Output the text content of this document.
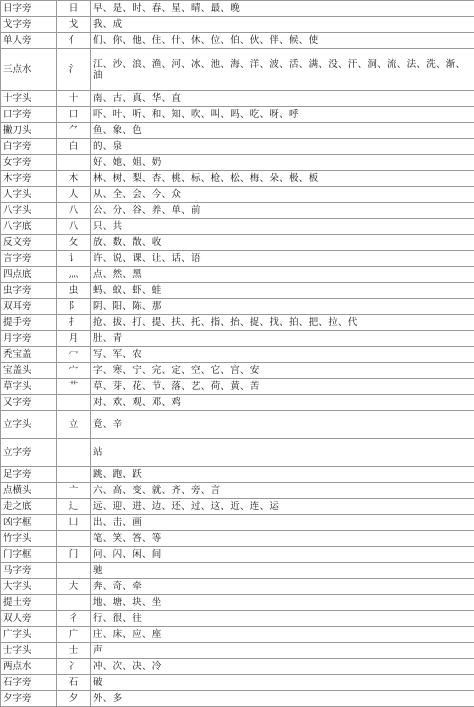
日字旁	日	早、是、时、春、星、晴、最、晚
戈字旁	戈	我、成
单人旁	亻	们、你、他、住、什、休、位、伯、伙、伴、候、使
三点水	氵	江、沙、浪、渔、河、冰、池、海、洋、波、活、满、没、汗、洞、流、法、洗、渐、油
十字头	十	南、古、真、华、直
口字旁	口	吓、叶、听、和、知、吹、叫、吗、吃、呀、呼
撇刀头	⺈	鱼、象、色
白字旁	白	的、泉
女字旁		好、她、姐、奶
木字旁	木	林、树、梨、杏、桃、标、枪、松、梅、朵、极、板
人字头	人	从、全、会、今、众
八字头	八	公、分、谷、养、单、前
八字底	八	只、共
反文旁	攵	放、数、散、收
言字旁	讠	许、说、课、让、话、语
四点底	灬	点、然、黑
虫字旁	虫	蚂、蚁、虾、蛙
双耳旁	阝	阴、阳、陈、那
提手旁	扌	抢、拔、打、提、扶、托、指、抬、捉、找、拍、把、拉、代
月字旁	月	肚、青
秃宝盖	冖	写、军、农
宝盖头	宀	字、寒、宁、完、定、空、它、宫、安
草字头	艹	草、芽、花、节、落、艺、荷、黄、苦
又字旁		对、欢、观、邓、鸡
立字头	立	竟、辛
立字旁		站
足字旁		跳、跑、跃
点横头	亠	六、高、变、就、齐、旁、言
走之底	辶	远、迎、进、边、还、过、这、近、连、运
凶字框	凵	出、击、画
竹字头		笔、笑、答、等
门字框	门	问、闪、闲、间
马字旁		驰
大字头	大	奔、奇、牵
提土旁		地、塘、块、坐
双人旁	彳	行、很、往
广字头	广	庄、床、应、座
士字头	士	声
两点水	冫	冲、次、决、冷
石字旁	石	破
夕字旁	夕	外、多
